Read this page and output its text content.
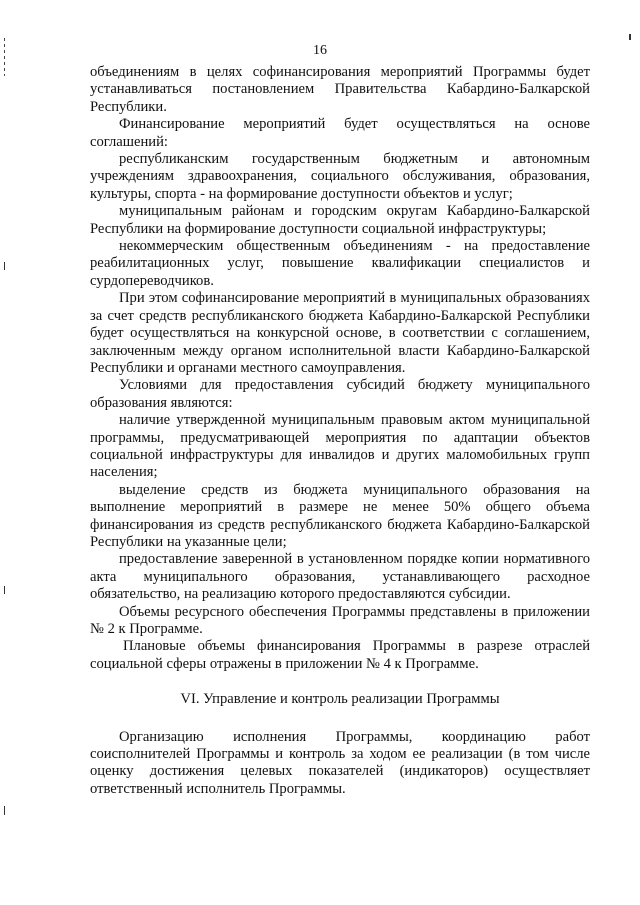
16

объединениям в целях софинансирования мероприятий Программы будет устанавливаться постановлением Правительства Кабардино-Балкарской Республики.

Финансирование мероприятий будет осуществляться на основе соглашений:

республиканским государственным бюджетным и автономным учреждениям здравоохранения, социального обслуживания, образования, культуры, спорта - на формирование доступности объектов и услуг;

муниципальным районам и городским округам Кабардино-Балкарской Республики на формирование доступности социальной инфраструктуры;

некоммерческим общественным объединениям - на предоставление реабилитационных услуг, повышение квалификации специалистов и сурдопереводчиков.

При этом софинансирование мероприятий в муниципальных образованиях за счет средств республиканского бюджета Кабардино-Балкарской Республики будет осуществляться на конкурсной основе, в соответствии с соглашением, заключенным между органом исполнительной власти Кабардино-Балкарской Республики и органами местного самоуправления.

Условиями для предоставления субсидий бюджету муниципального образования являются:

наличие утвержденной муниципальным правовым актом муниципальной программы, предусматривающей мероприятия по адаптации объектов социальной инфраструктуры для инвалидов и других маломобильных групп населения;

выделение средств из бюджета муниципального образования на выполнение мероприятий в размере не менее 50% общего объема финансирования из средств республиканского бюджета Кабардино-Балкарской Республики на указанные цели;

предоставление заверенной в установленном порядке копии нормативного акта муниципального образования, устанавливающего расходное обязательство, на реализацию которого предоставляются субсидии.

Объемы ресурсного обеспечения Программы представлены в приложении № 2 к Программе.

Плановые объемы финансирования Программы в разрезе отраслей социальной сферы отражены в приложении № 4 к Программе.

VI. Управление и контроль реализации Программы

Организацию исполнения Программы, координацию работ соисполнителей Программы и контроль за ходом ее реализации (в том числе оценку достижения целевых показателей (индикаторов) осуществляет ответственный исполнитель Программы.
